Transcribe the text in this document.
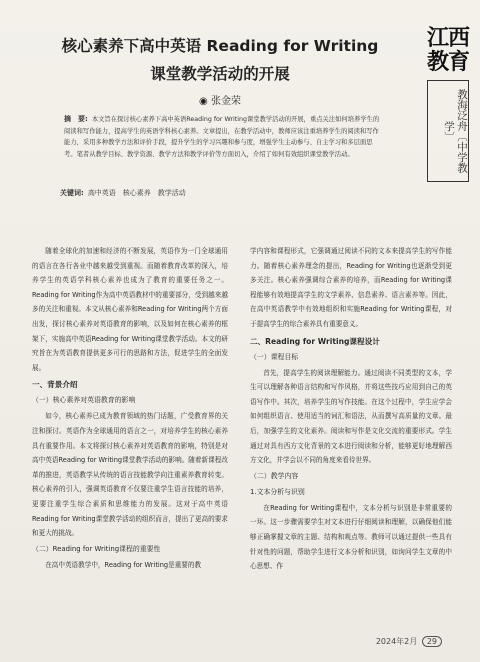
核心素养下高中英语 Reading for Writing
课堂教学活动的开展
◉ 张金荣
江西教育
教海泛舟〔中学教学〕
摘　要: 本文旨在探讨核心素养下高中英语Reading for Writing课堂教学活动的开展，重点关注如何培养学生的阅读和写作能力，提高学生的英语学科核心素养。文章提出，在教学活动中，教师应该注重培养学生的阅读和写作能力，采用多种教学方法和评价手段，提升学生的学习兴趣和参与度，增强学生主动参与、自主学习和多层面思考。笔者从教学目标、教学资源、教学方法和教学评价等方面切入，介绍了如何有效组织课堂教学活动。
关键词: 高中英语　核心素养　教学活动

随着全球化的加速和经济的不断发展，英语作为一门全球通用的语言在各行各业中越来越受到重视。而随着教育改革的深入，培养学生的英语学科核心素养也成为了教育的重要任务之一。Reading for Writing作为高中英语教材中的重要部分，受到越来越多的关注和重视。本文从核心素养和Reading for Writing两个方面出发，探讨核心素养对英语教育的影响，以及如何在核心素养的框架下，实施高中英语Reading for Writing课堂教学活动。本文的研究旨在为英语教育提供更多可行的思路和方法，促进学生的全面发展。

一、背景介绍
（一）核心素养对英语教育的影响

如今，核心素养已成为教育领域的热门话题，广受教育界的关注和探讨。英语作为全球通用的语言之一，对培养学生的核心素养具有重要作用。本文将探讨核心素养对英语教育的影响，特别是对高中英语Reading for Writing课堂教学活动的影响。随着新课程改革的推进，英语教学从传统的语言技能教学向注重素养教育转变。核心素养的引入，强调英语教育不仅要注重学生语言技能的培养，更要注重学生综合素质和思维能力的发展。这对于高中英语Reading for Writing课堂教学活动的组织而言，提出了更高的要求和更大的挑战。

（二）Reading for Writing课程的重要性

在高中英语教学中，Reading for Writing是重要的教

学内容和课程形式，它强调通过阅读不同的文本来提高学生的写作能力。随着核心素养理念的提出，Reading for Writing也逐渐受到更多关注。核心素养强调综合素养的培养，而Reading for Writing课程能够有效地提高学生的文学素养、信息素养、语言素养等。因此，在高中英语教学中有效地组织和实施Reading for Writing课程，对于提高学生的综合素养具有重要意义。

二、Reading for Writing课程设计
（一）课程目标

首先，提高学生的阅读理解能力。通过阅读不同类型的文本，学生可以理解各种语言结构和写作风格，并将这些技巧应用到自己的英语写作中。其次，培养学生的写作技能。在这个过程中，学生应学会如何组织语言、使用适当的词汇和语法，从而撰写高质量的文章。最后，加强学生的文化素养。阅读和写作是文化交流的重要形式。学生通过对具有西方文化背景的文本进行阅读和分析，能够更好地理解西方文化，并学会以不同的角度来看待世界。

（二）教学内容
1.文本分析与识别

在Reading for Writing课程中，文本分析与识别是非常重要的一环。这一步骤需要学生对文本进行仔细阅读和理解，以确保他们能够正确掌握文章的主题、结构和观点等。教师可以通过提供一些具有针对性的问题，帮助学生进行文本分析和识别，如询问学生文章的中心思想、作

2024年2月 29
